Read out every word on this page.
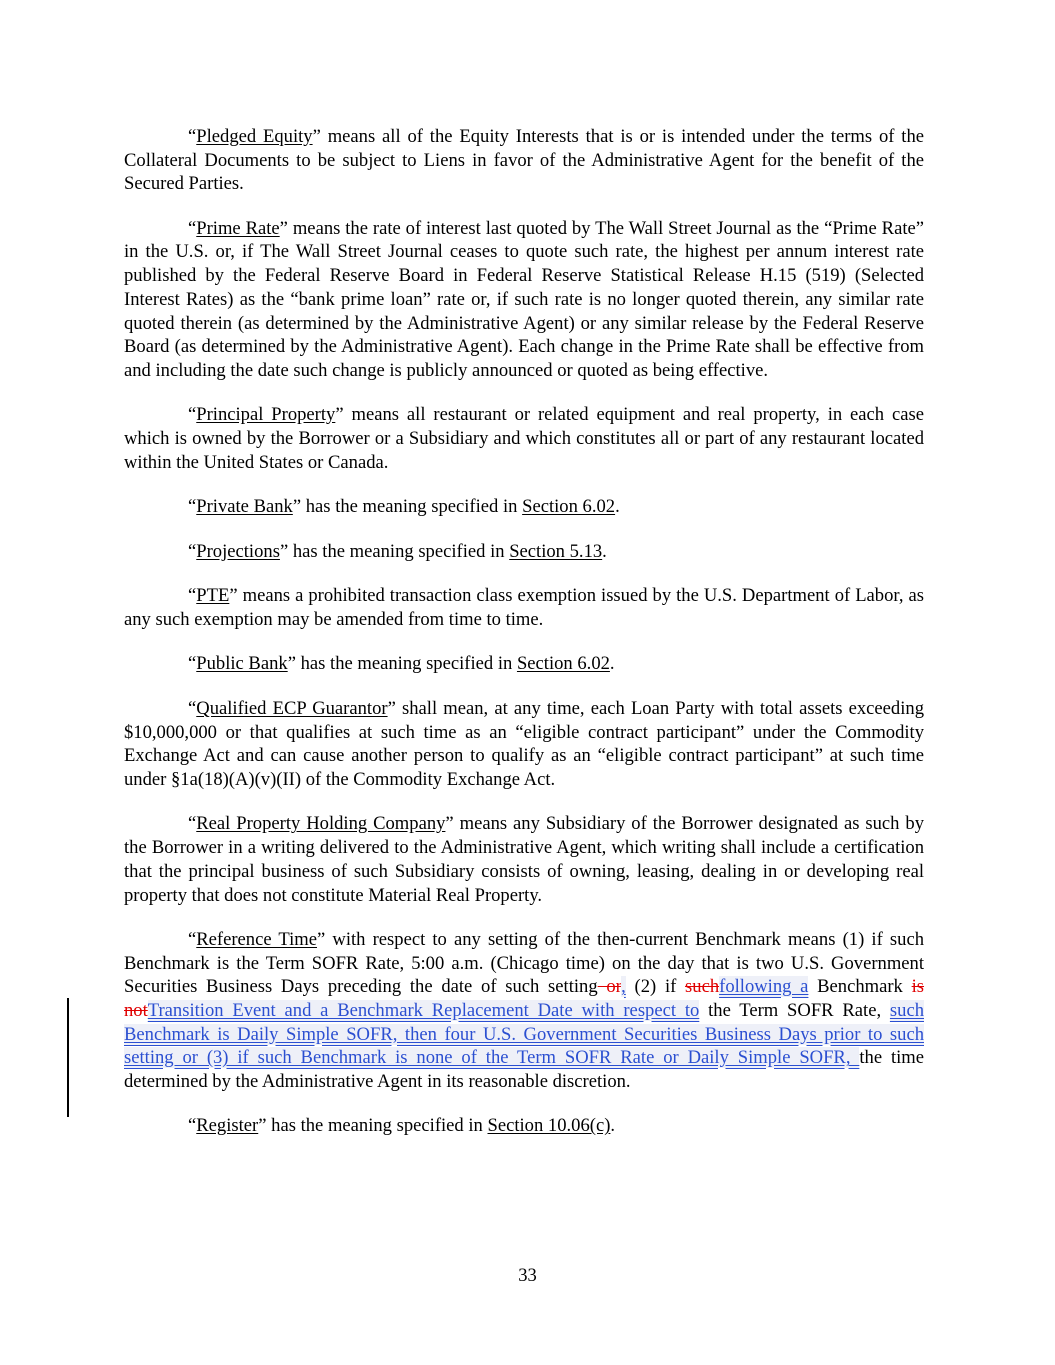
“Pledged Equity” means all of the Equity Interests that is or is intended under the terms of the Collateral Documents to be subject to Liens in favor of the Administrative Agent for the benefit of the Secured Parties.

“Prime Rate” means the rate of interest last quoted by The Wall Street Journal as the “Prime Rate” in the U.S. or, if The Wall Street Journal ceases to quote such rate, the highest per annum interest rate published by the Federal Reserve Board in Federal Reserve Statistical Release H.15 (519) (Selected Interest Rates) as the “bank prime loan” rate or, if such rate is no longer quoted therein, any similar rate quoted therein (as determined by the Administrative Agent) or any similar release by the Federal Reserve Board (as determined by the Administrative Agent). Each change in the Prime Rate shall be effective from and including the date such change is publicly announced or quoted as being effective.

“Principal Property” means all restaurant or related equipment and real property, in each case which is owned by the Borrower or a Subsidiary and which constitutes all or part of any restaurant located within the United States or Canada.

“Private Bank” has the meaning specified in Section 6.02.

“Projections” has the meaning specified in Section 5.13.

“PTE” means a prohibited transaction class exemption issued by the U.S. Department of Labor, as any such exemption may be amended from time to time.

“Public Bank” has the meaning specified in Section 6.02.

“Qualified ECP Guarantor” shall mean, at any time, each Loan Party with total assets exceeding $10,000,000 or that qualifies at such time as an “eligible contract participant” under the Commodity Exchange Act and can cause another person to qualify as an “eligible contract participant” at such time under §1a(18)(A)(v)(II) of the Commodity Exchange Act.

“Real Property Holding Company” means any Subsidiary of the Borrower designated as such by the Borrower in a writing delivered to the Administrative Agent, which writing shall include a certification that the principal business of such Subsidiary consists of owning, leasing, dealing in or developing real property that does not constitute Material Real Property.

“Reference Time” with respect to any setting of the then-current Benchmark means (1) if such Benchmark is the Term SOFR Rate, 5:00 a.m. (Chicago time) on the day that is two U.S. Government Securities Business Days preceding the date of such setting or, (2) if suchfollowing a Benchmark is notTransition Event and a Benchmark Replacement Date with respect to the Term SOFR Rate, such Benchmark is Daily Simple SOFR, then four U.S. Government Securities Business Days prior to such setting or (3) if such Benchmark is none of the Term SOFR Rate or Daily Simple SOFR, the time determined by the Administrative Agent in its reasonable discretion.

“Register” has the meaning specified in Section 10.06(c).

33
